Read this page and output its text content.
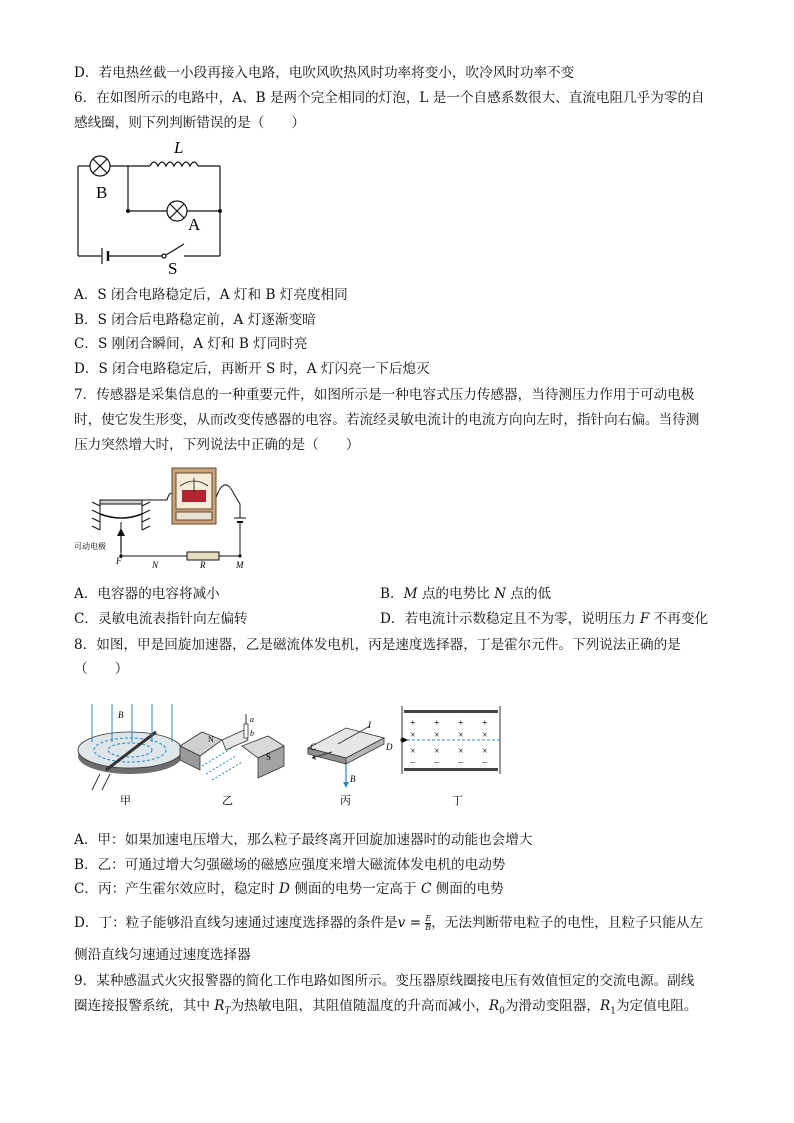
D．若电热丝截一小段再接入电路，电吹风吹热风时功率将变小，吹冷风时功率不变
6．在如图所示的电路中，A、B 是两个完全相同的灯泡，L 是一个自感系数很大、直流电阻几乎为零的自
感线圈，则下列判断错误的是（　　）
L
B
A
S
A．S 闭合电路稳定后，A 灯和 B 灯亮度相同
B．S 闭合后电路稳定前，A 灯逐渐变暗
C．S 刚闭合瞬间，A 灯和 B 灯同时亮
D．S 闭合电路稳定后，再断开 S 时，A 灯闪亮一下后熄灭
7．传感器是采集信息的一种重要元件，如图所示是一种电容式压力传感器，当待测压力作用于可动电极
时，使它发生形变，从而改变传感器的电容。若流经灵敏电流计的电流方向向左时，指针向右偏。当待测
压力突然增大时，下列说法中正确的是（　　）
可动电极
F	N	R	M
A．电容器的电容将减小	B．M 点的电势比 N 点的低
C．灵敏电流表指针向左偏转	D．若电流计示数稳定且不为零，说明压力 F 不再变化
8．如图，甲是回旋加速器，乙是磁流体发电机，丙是速度选择器，丁是霍尔元件。下列说法正确的是
（　　）
B
甲
N
S
a
b
乙
I
C	D
B
丙
+ + + +
× × × ×
× × × ×
− − − −
丁
A．甲：如果加速电压增大，那么粒子最终离开回旋加速器时的动能也会增大
B．乙：可通过增大匀强磁场的磁感应强度来增大磁流体发电机的电动势
C．丙：产生霍尔效应时，稳定时 D 侧面的电势一定高于 C 侧面的电势
D．丁：粒子能够沿直线匀速通过速度选择器的条件是$v = \frac{E}{B}$ ，无法判断带电粒子的电性，且粒子只能从左
侧沿直线匀速通过速度选择器
9．某种感温式火灾报警器的简化工作电路如图所示。变压器原线圈接电压有效值恒定的交流电源。副线
圈连接报警系统，其中 $R_T$为热敏电阻，其阻值随温度的升高而减小，$R_0$为滑动变阻器，$R_1$为定值电阻。
